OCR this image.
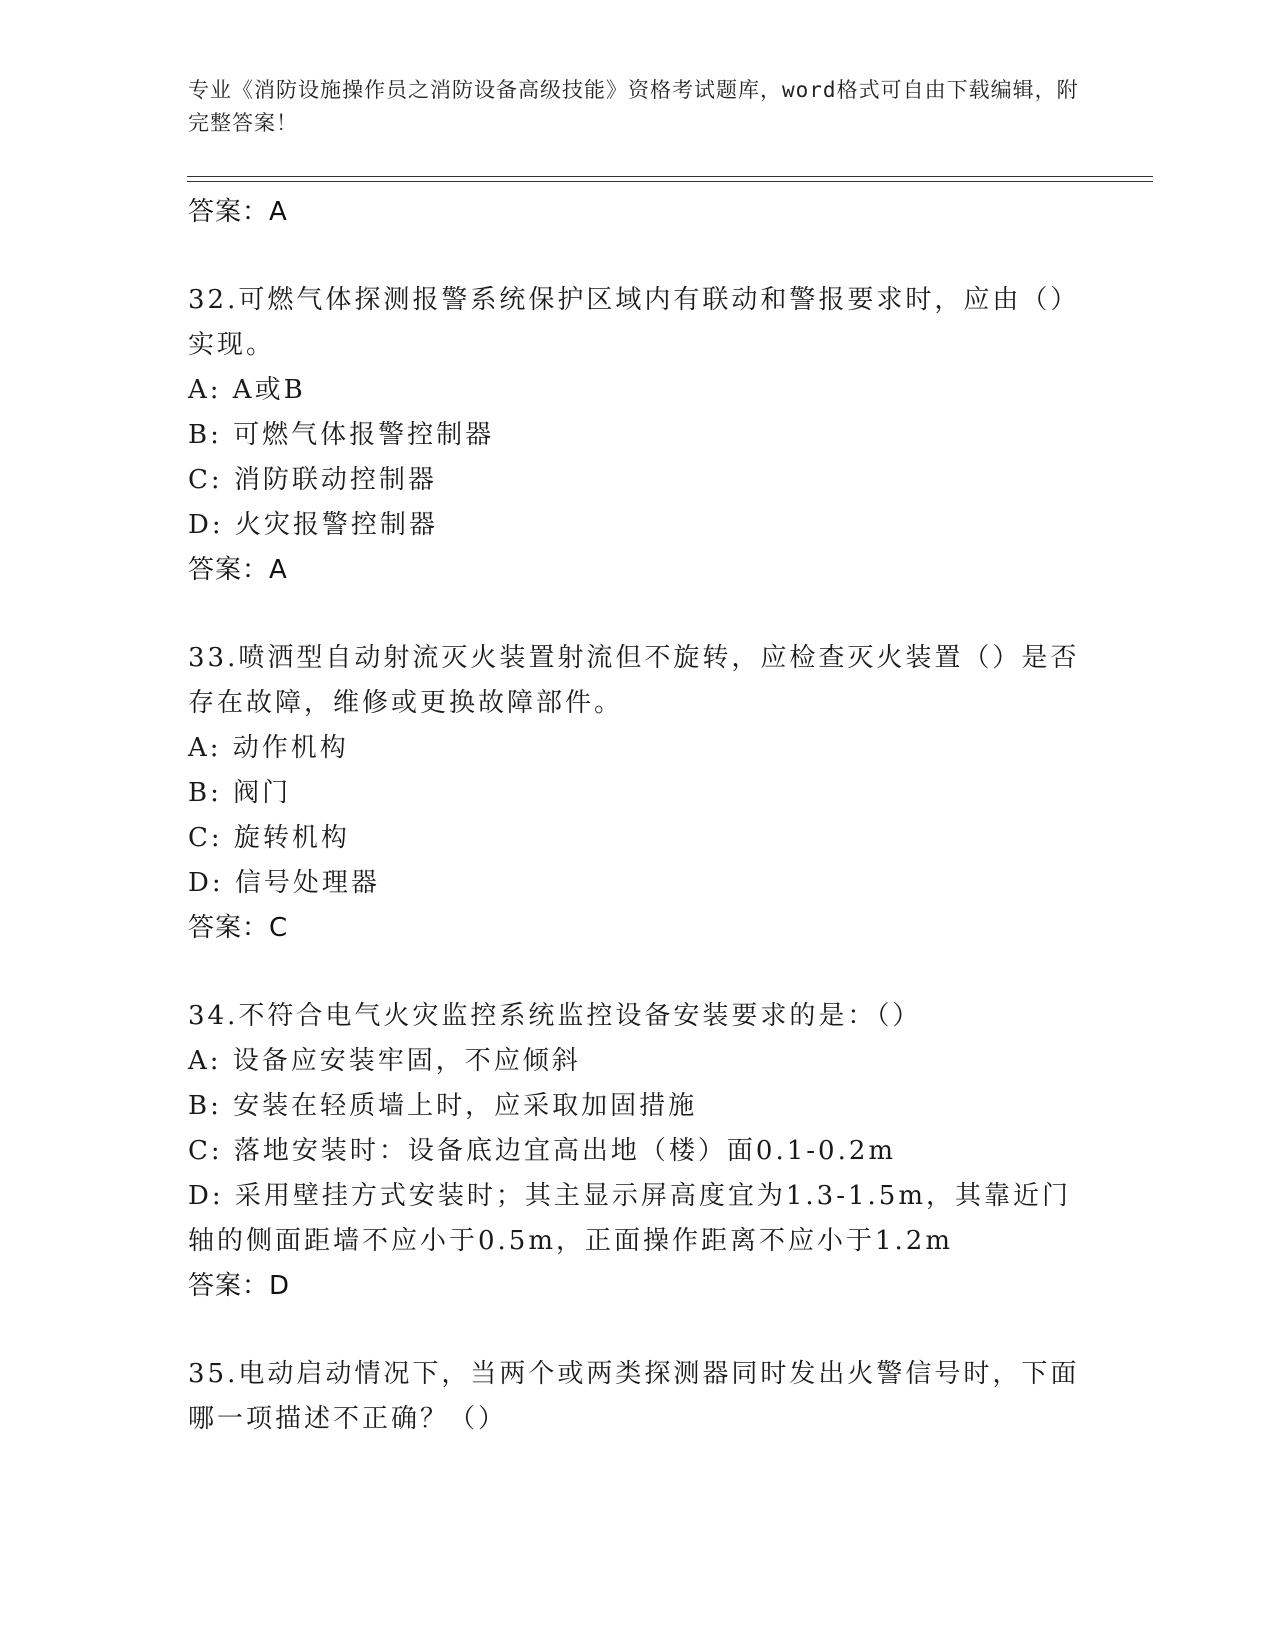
专业《消防设施操作员之消防设备高级技能》资格考试题库，word格式可自由下载编辑，附完整答案！
答案：A
32.可燃气体探测报警系统保护区域内有联动和警报要求时，应由（）实现。
A: A或B
B: 可燃气体报警控制器
C: 消防联动控制器
D: 火灾报警控制器
答案：A
33.喷洒型自动射流灭火装置射流但不旋转，应检查灭火装置（）是否存在故障，维修或更换故障部件。
A: 动作机构
B: 阀门
C: 旋转机构
D: 信号处理器
答案：C
34.不符合电气火灾监控系统监控设备安装要求的是：（）
A: 设备应安装牢固，不应倾斜
B: 安装在轻质墙上时，应采取加固措施
C: 落地安装时：设备底边宜高出地（楼）面0.1-0.2m
D: 采用壁挂方式安装时；其主显示屏高度宜为1.3-1.5m，其靠近门轴的侧面距墙不应小于0.5m，正面操作距离不应小于1.2m
答案：D
35.电动启动情况下，当两个或两类探测器同时发出火警信号时，下面哪一项描述不正确？（）
